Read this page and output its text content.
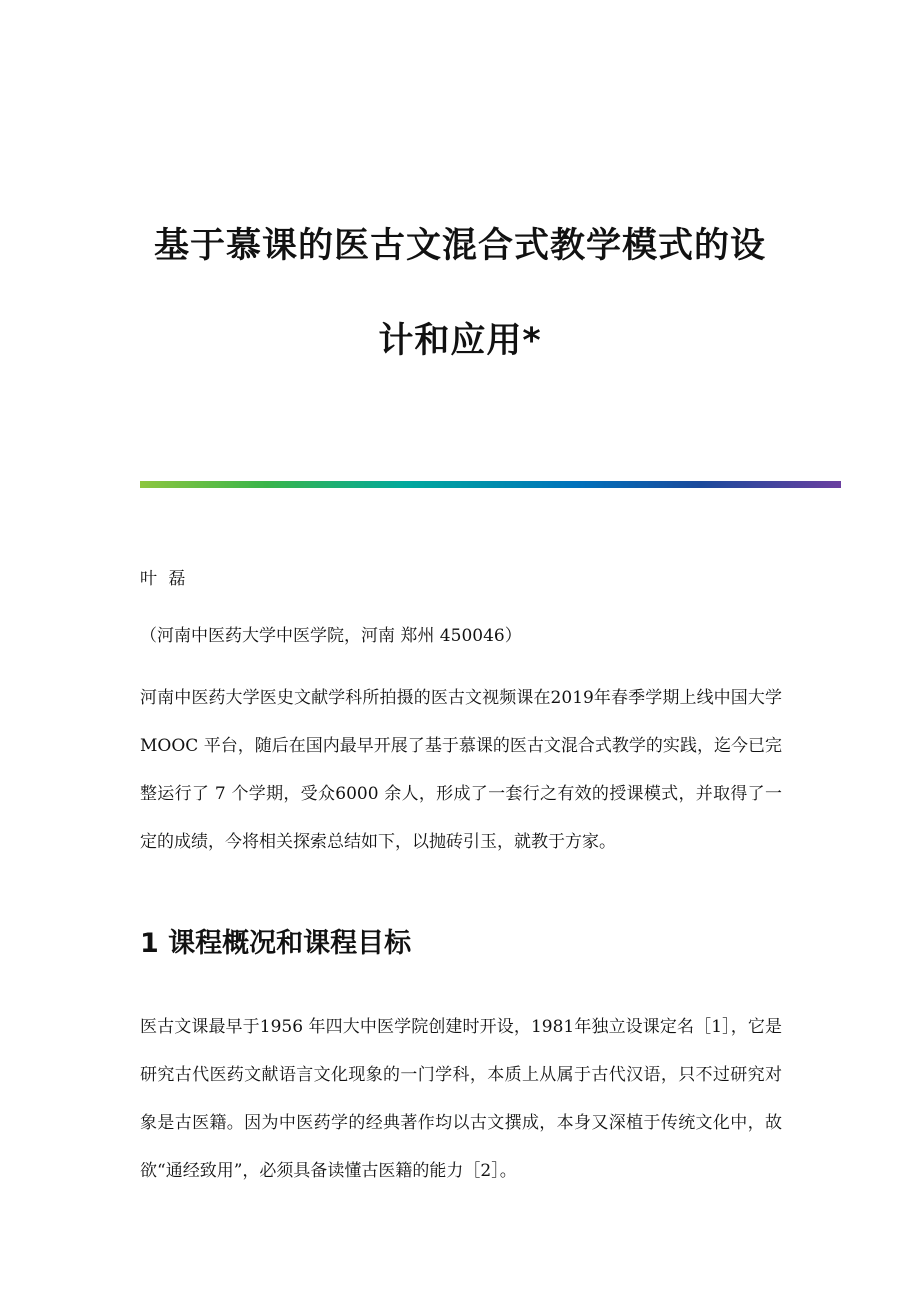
基于慕课的医古文混合式教学模式的设
计和应用*
叶 磊
（河南中医药大学中医学院，河南 郑州 450046）
河南中医药大学医史文献学科所拍摄的医古文视频课在2019年春季学期上线中国大学MOOC 平台，随后在国内最早开展了基于慕课的医古文混合式教学的实践，迄今已完整运行了 7 个学期，受众6000 余人，形成了一套行之有效的授课模式，并取得了一定的成绩，今将相关探索总结如下，以抛砖引玉，就教于方家。
1 课程概况和课程目标
医古文课最早于1956 年四大中医学院创建时开设，1981年独立设课定名［1］，它是研究古代医药文献语言文化现象的一门学科，本质上从属于古代汉语，只不过研究对象是古医籍。因为中医药学的经典著作均以古文撰成，本身又深植于传统文化中，故欲“通经致用”，必须具备读懂古医籍的能力［2］。
